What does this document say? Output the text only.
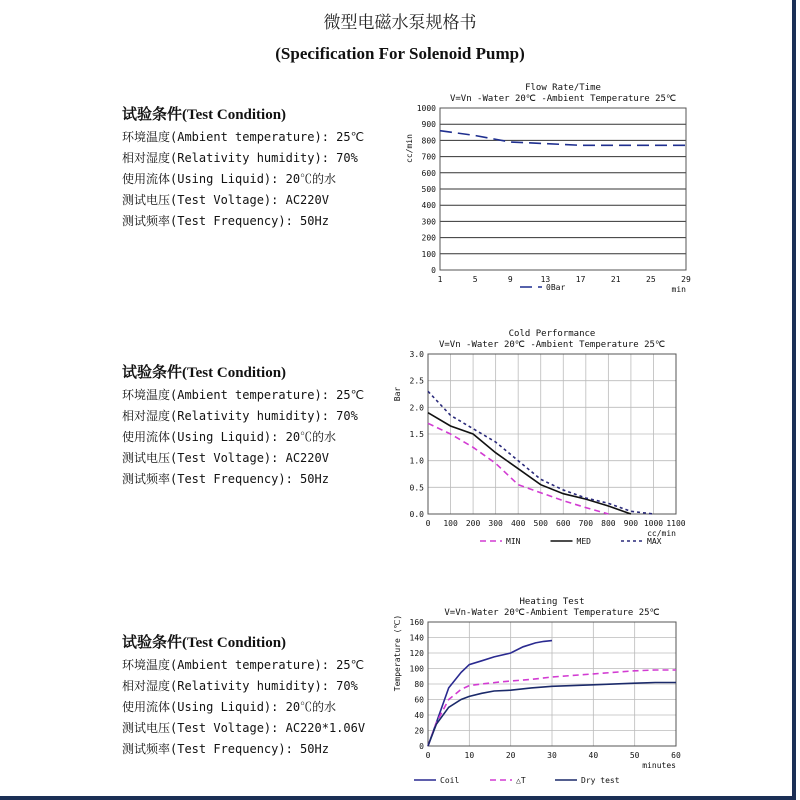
微型电磁水泵规格书
(Specification For Solenoid Pump)
试验条件(Test Condition)
环境温度(Ambient temperature): 25℃
相对湿度(Relativity humidity): 70%
使用流体(Using Liquid): 20℃的水
测试电压(Test Voltage): AC220V
测试频率(Test Frequency): 50Hz
试验条件(Test Condition)
环境温度(Ambient temperature): 25℃
相对湿度(Relativity humidity): 70%
使用流体(Using Liquid): 20℃的水
测试电压(Test Voltage): AC220V
测试频率(Test Frequency): 50Hz
试验条件(Test Condition)
环境温度(Ambient temperature): 25℃
相对湿度(Relativity humidity): 70%
使用流体(Using Liquid): 20℃的水
测试电压(Test Voltage): AC220*1.06V
测试频率(Test Frequency): 50Hz
Flow Rate/Time
V=Vn -Water 20℃ -Ambient Temperature 25℃
1	5	9	13	17	21	25	29
0
100
200
300
400
500
600
700
800
900
1000
min
cc/min
0Bar
Cold Performance
V=Vn -Water 20℃ -Ambient Temperature 25℃
0 100 200 300 400 500 600 700 800 900 1000 1100
0.0
0.5
1.0
1.5
2.0
2.5
3.0
cc/min
Bar
MIN	MED	MAX
Heating Test
V=Vn-Water 20℃-Ambient Temperature 25℃
0	10	20	30	40	50	60
0
20
40
60
80
100
120
140
160
minutes
Temperature (℃)
Coil	△T	Dry test
